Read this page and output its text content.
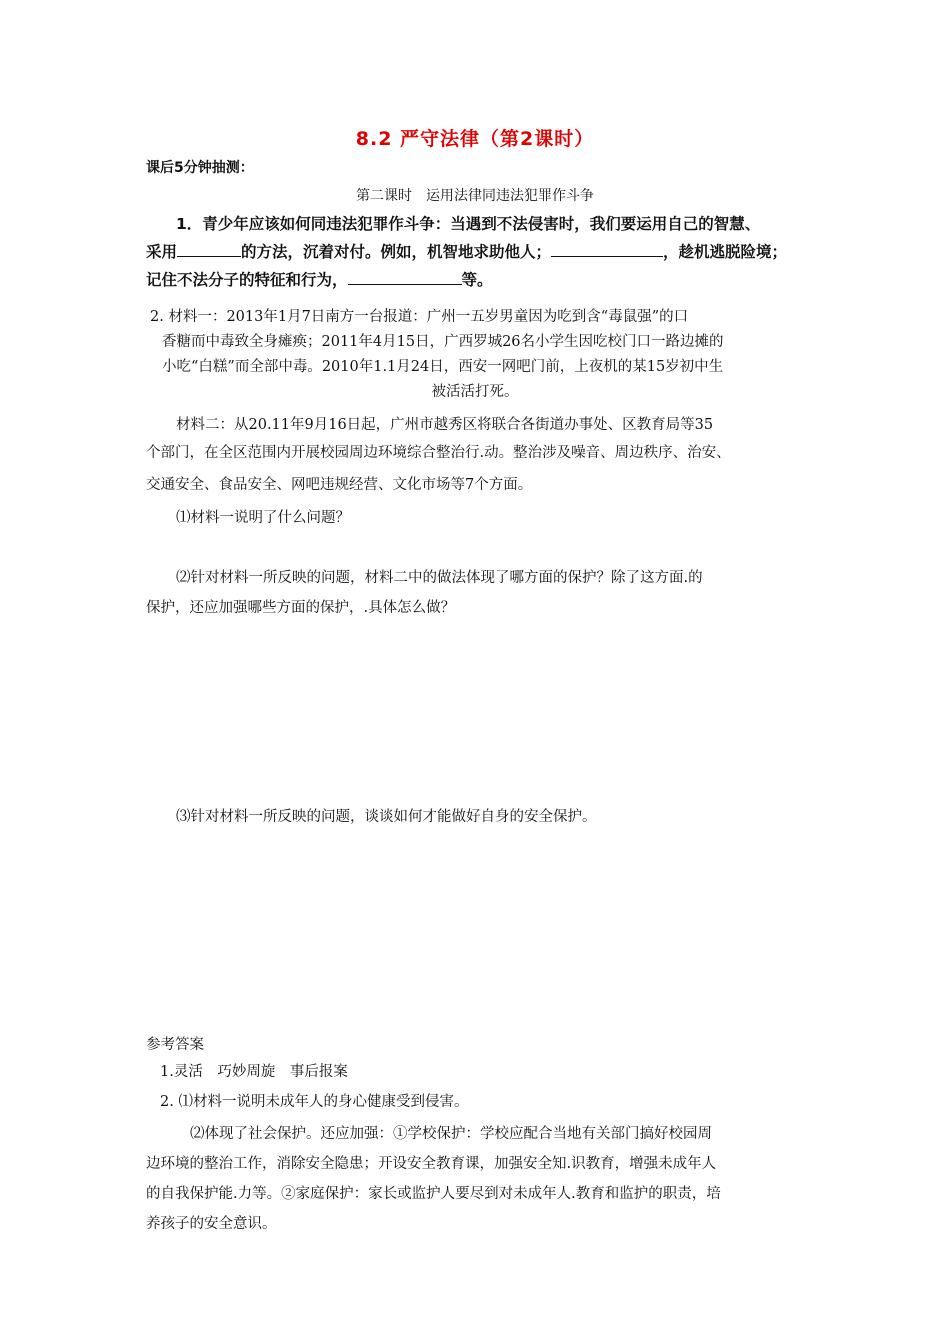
8.2 严守法律（第2课时）
课后5分钟抽测：
第二课时　运用法律同违法犯罪作斗争
1．青少年应该如何同违法犯罪作斗争：当遇到不法侵害时，我们要运用自己的智慧、
采用	的方法，沉着对付。例如，机智地求助他人；	，趁机逃脱险境；
记住不法分子的特征和行为，	等。
2. 材料一：2013年1月7日南方一台报道：广州一五岁男童因为吃到含“毒鼠强”的口
香糖而中毒致全身瘫痪；2011年4月15日，广西罗城26名小学生因吃校门口一路边摊的
小吃“白糕”而全部中毒。2010年1.1月24日，西安一网吧门前，上夜机的某15岁初中生
被活活打死。
材料二：从20.11年9月16日起，广州市越秀区将联合各街道办事处、区教育局等35
个部门，在全区范围内开展校园周边环境综合整治行.动。整治涉及噪音、周边秩序、治安、
交通安全、食品安全、网吧违规经营、文化市场等7个方面。
⑴材料一说明了什么问题？
⑵针对材料一所反映的问题，材料二中的做法体现了哪方面的保护？除了这方面.的
保护，还应加强哪些方面的保护，.具体怎么做？
⑶针对材料一所反映的问题，谈谈如何才能做好自身的安全保护。
参考答案
1.灵活　巧妙周旋　事后报案
2. ⑴材料一说明未成年人的身心健康受到侵害。
⑵体现了社会保护。还应加强：①学校保护：学校应配合当地有关部门搞好校园周
边环境的整治工作，消除安全隐患；开设安全教育课，加强安全知.识教育，增强未成年人
的自我保护能.力等。②家庭保护：家长或监护人要尽到对未成年人.教育和监护的职责，培
养孩子的安全意识。
